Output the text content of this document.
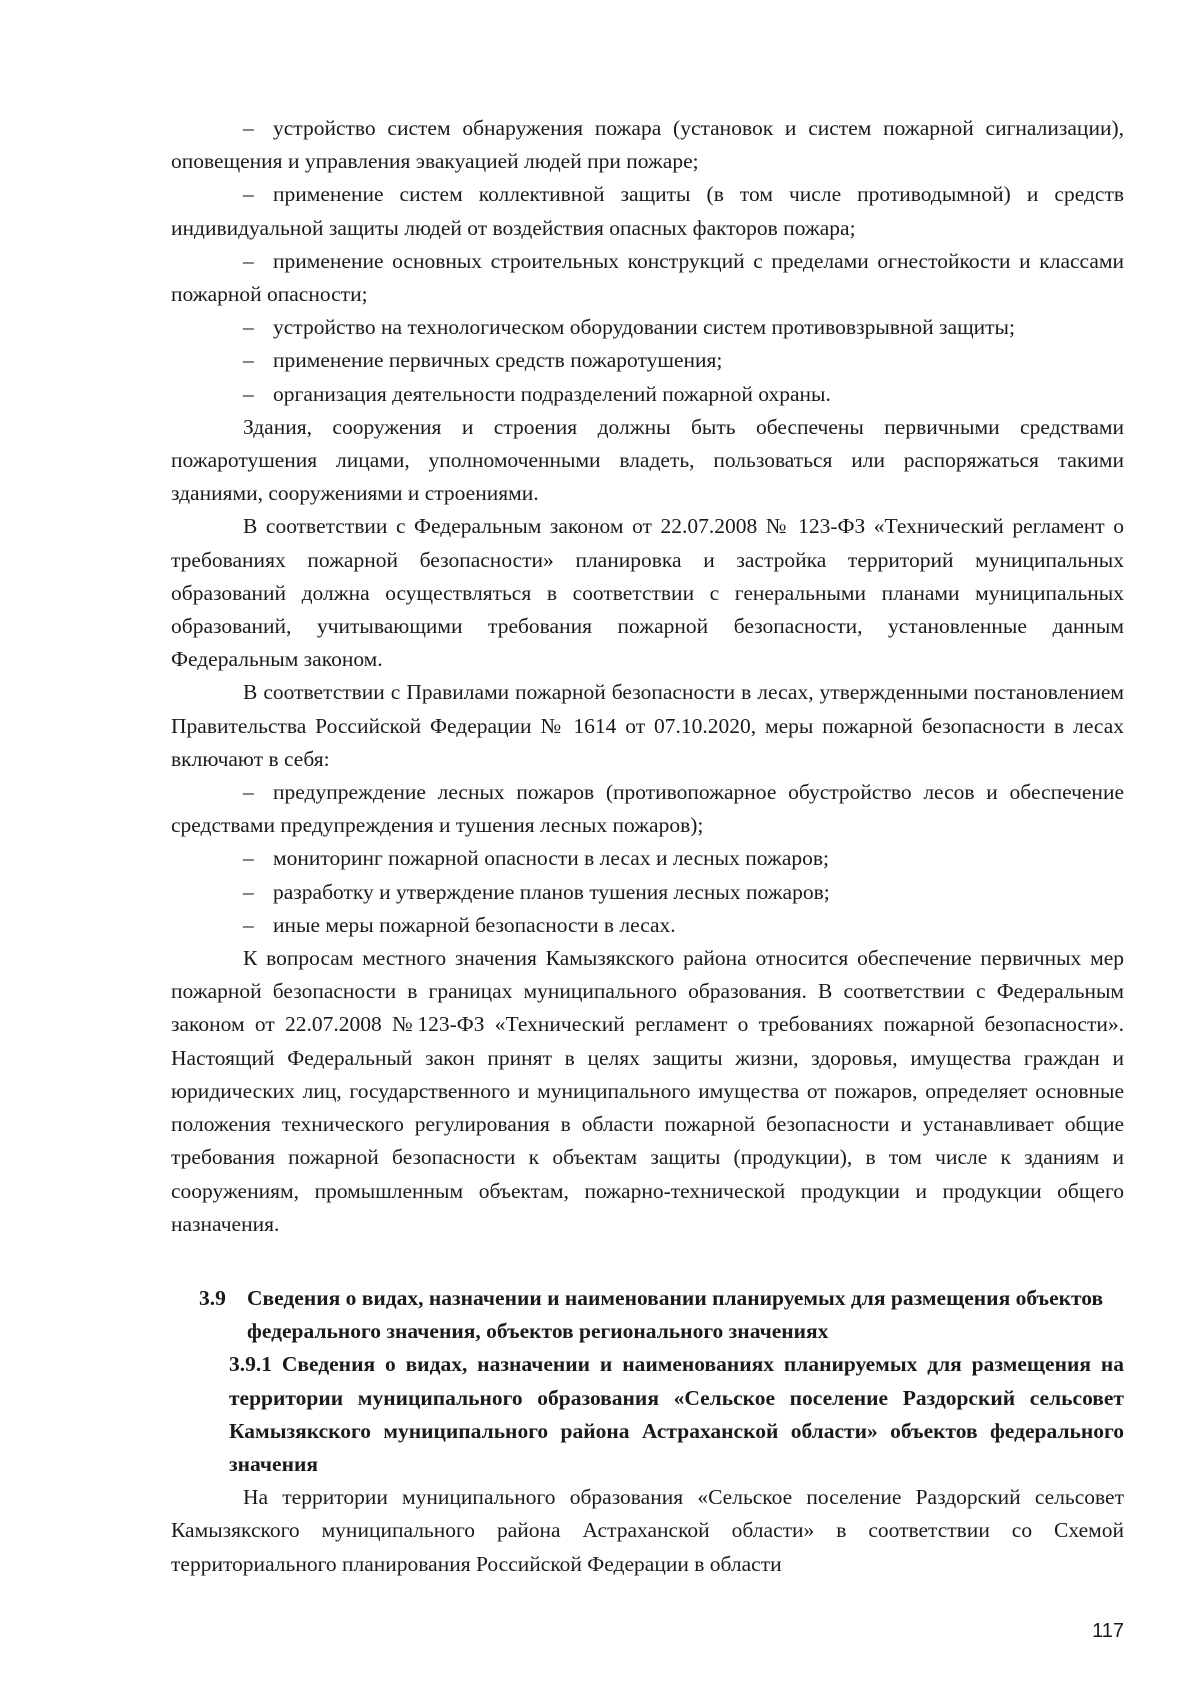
– устройство систем обнаружения пожара (установок и систем пожарной сигнализации), оповещения и управления эвакуацией людей при пожаре;

– применение систем коллективной защиты (в том числе противодымной) и средств индивидуальной защиты людей от воздействия опасных факторов пожара;

– применение основных строительных конструкций с пределами огнестойкости и классами пожарной опасности;

– устройство на технологическом оборудовании систем противовзрывной защиты;

– применение первичных средств пожаротушения;

– организация деятельности подразделений пожарной охраны.

Здания, сооружения и строения должны быть обеспечены первичными средствами пожаротушения лицами, уполномоченными владеть, пользоваться или распоряжаться такими зданиями, сооружениями и строениями.

В соответствии с Федеральным законом от 22.07.2008 № 123-ФЗ «Технический регламент о требованиях пожарной безопасности» планировка и застройка территорий муниципальных образований должна осуществляться в соответствии с генеральными планами муниципальных образований, учитывающими требования пожарной безопасности, установленные данным Федеральным законом.

В соответствии с Правилами пожарной безопасности в лесах, утвержденными постановлением Правительства Российской Федерации № 1614 от 07.10.2020, меры пожарной безопасности в лесах включают в себя:

– предупреждение лесных пожаров (противопожарное обустройство лесов и обеспечение средствами предупреждения и тушения лесных пожаров);

– мониторинг пожарной опасности в лесах и лесных пожаров;

– разработку и утверждение планов тушения лесных пожаров;

– иные меры пожарной безопасности в лесах.

К вопросам местного значения Камызякского района относится обеспечение первичных мер пожарной безопасности в границах муниципального образования. В соответствии с Федеральным законом от 22.07.2008 №123-ФЗ «Технический регламент о требованиях пожарной безопасности». Настоящий Федеральный закон принят в целях защиты жизни, здоровья, имущества граждан и юридических лиц, государственного и муниципального имущества от пожаров, определяет основные положения технического регулирования в области пожарной безопасности и устанавливает общие требования пожарной безопасности к объектам защиты (продукции), в том числе к зданиям и сооружениям, промышленным объектам, пожарно-технической продукции и продукции общего назначения.

3.9 Сведения о видах, назначении и наименовании планируемых для размещения объектов федерального значения, объектов регионального значениях

3.9.1 Сведения о видах, назначении и наименованиях планируемых для размещения на территории муниципального образования «Сельское поселение Раздорский сельсовет Камызякского муниципального района Астраханской области» объектов федерального значения

На территории муниципального образования «Сельское поселение Раздорский сельсовет Камызякского муниципального района Астраханской области» в соответствии со Схемой территориального планирования Российской Федерации в области

117
